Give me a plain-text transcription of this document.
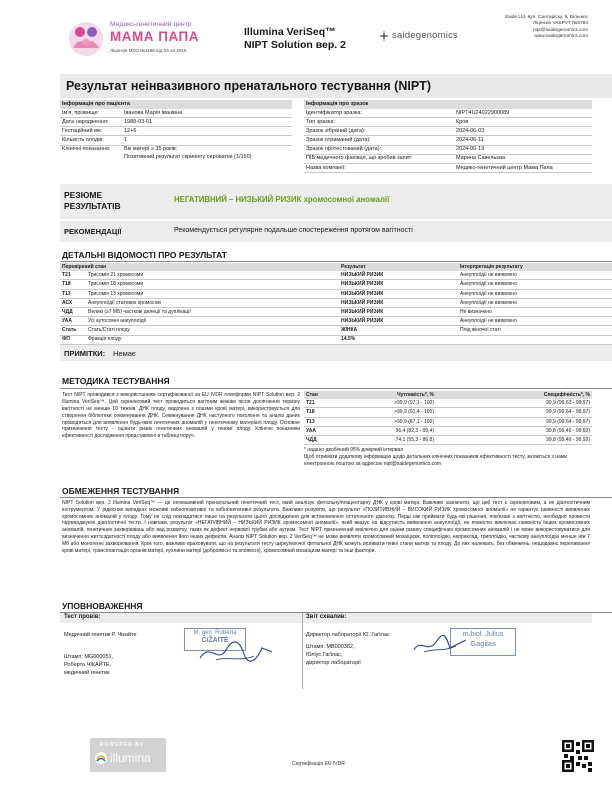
Медико-генетичний центр
МАМА ПАПА
Ліцензія МОЗ №1168 від 03.10.2016
Illumina VeriSeq™
NIPT Solution вер. 2
saidegenomics
Saide Ltd, вул. Сантаріску, 5, Вільнюс
Ліцензія VASPVT №5794
nipt@saidegenomics.com
www.saidegenomics.com
Результат неінвазивного пренатального тестування (NIPT)
Інформація про пацієнта
Ім'я, прізвище:	Іванова Марія Іванівна
Дата народження:	1988-03-01
Гестаційний вік:	12+6
Кількість плодів:	1
Клінічні показання:	Вік матері ≥ 35 років;
	Позитивний результат скринінгу сироватки (1/150)
Інформація про зразок
Ідентифікатор зразка:	NIPT4U24022900089
Тип зразка:	Кров
Зразок зібраний (дата):	2024-06-03
Зразок отриманий (дата):	2024-06-11
Зразок протестований (дата):	2024-06-19
ПІБ медичного фахівця, що зробив запит:	Марина Савельєва
Назва компанії:	Медико-генетичний центр Мама Папа
РЕЗЮМЕ
РЕЗУЛЬТАТІВ
НЕГАТИВНИЙ – НИЗЬКИЙ РИЗИК хромосомної аномалії
РЕКОМЕНДАЦІЇ	Рекомендується регулярне подальше спостереження протягом вагітності
ДЕТАЛЬНІ ВІДОМОСТІ ПРО РЕЗУЛЬТАТ
Перевірений стан		Результат	Інтерпретація результату
T21	Трисомія 21 хромосоми	НИЗЬКИЙ РИЗИК	Анеуплоїдії не виявлено
T18	Трисомія 18 хромосоми	НИЗЬКИЙ РИЗИК	Анеуплоїдії не виявлено
T13	Трисомія 13 хромосоми	НИЗЬКИЙ РИЗИК	Анеуплоїдії не виявлено
АСХ	Анеуплоїдії статевих хромосом	НИЗЬКИЙ РИЗИК	Анеуплоїдії не виявлено
ЧДД	Великі (≥7 МБ) часткові делеції та дуплікації	НИЗЬКИЙ РИЗИК	Не визначено
УАА	Усі аутосомні анеуплоїдії	НИЗЬКИЙ РИЗИК	Анеуплоїдії не виявлено
Стать	Стать/Статі плоду	ЖІНКА	Плід жіночої статі
ФП	Фракція плоду	14.5%	
ПРИМІТКИ: Немає
МЕТОДИКА ТЕСТУВАННЯ
Тест NIPT проводився з використанням сертифікованої за EU IVDR платформи NIPT Solution вер. 2 Illumina VeriSeq™. Цей скринінговий тест проводиться вагітним жінкам після досягнення терміну вагітності не менше 10 тижнів. ДНК плоду, виділена з плазми крові матері, використовується для створення бібліотеки секвенування ДНК. Секвенування ДНК наступного покоління та аналіз даних проводяться для виявлення будь-яких генетичних аномалій у генетичному матеріалі плоду. Основне призначення тесту - оцінити ризик генетичних аномалій у геномі плоду. Клінічні показники ефективності дослідження представлені в таблиці поруч.
Стан	Чутливість*, %	Специфічність*, %
T21	>99,9 (97,1 - 100)	99,9 (99,63 - 99,97)
T18	>99,9 (91,4 - 100)	99,9 (99,64 - 99,97)
T13	>99,9 (87,1 - 100)	99,9 (99,64 - 99,97)
УАА	96,4 (82,3 - 99,4)	99,8 (99,49 - 99,92)
ЧДД	74,1 (55,3 - 86,8)	99,8 (99,49 - 99,92)
* надано двобічний 95% довірчий інтервал
Щоб отримати додаткову інформацію щодо детальних клінічних показників ефективності тесту, зв'яжіться з нами електронною поштою за адресою nipt@saidegenomics.com
ОБМЕЖЕННЯ ТЕСТУВАННЯ
NIPT Solution вер. 2 Illumina VeriSeq™ — це неінвазивний пренатальний генетичний тест, який аналізує фетальну/плацентарну ДНК у крові матері. Важливо зазначити, що цей тест є скринінговим, а не діагностичним інструментом. У рідкісних випадках можливі хибнопозитивні та хибнонегативні результати. Важливо розуміти, що результат «ПОЗИТИВНИЙ – ВИСОКИЙ РИЗИК хромосомної аномалії» не гарантує наявності виявлених хромосомних аномалій у плоду. Тому не слід покладатися лише на результати цього дослідження для встановлення остаточного діагнозу. Перш ніж приймати будь-які рішення, пов'язані з вагітністю, необхідно провести підтверджуючі діагностичні тести. І навпаки, результат «НЕГАТИВНИЙ – НИЗЬКИЙ РИЗИК хромосомної аномалії», який вказує на відсутність виявлення анеуплоїдії, не повністю виключає наявність інших хромосомних аномалій, генетичних захворювань або вад розвитку, таких як дефект нервової трубки або аутизм. Тест NIPT призначений виключно для оцінки ризику специфічних хромосомних аномалій і не може використовуватися для визначення життєздатності плоду або виявлення його інших дефектів. Аналіз NIPT Solution вер. 2 VeriSeq™ не може виявляти хромосомний мозаїцизм, поліплоїдію, наприклад, триплоїдію, часткову анеуплоїдію менше ніж 7 Мб або моногенні захворювання. Крім того, важливо враховувати, що на результати тесту циркулюючої фетальної ДНК можуть впливати певні стани матері та плоду. До них належать, без обмежень, нещодавнє переливання крові матері, трансплантація органів матері, пухлини матері (доброякісні та злоякісні), хромосомний мозаїцизм матері та інші фактори.
УПОВНОВАЖЕННЯ
Тест провів:	Звіт схвалив:
Медичний генетик Р. Чікайте
Штамп: MG000051,
Роберта ЧІКАЙТЕ,
медичний генетик
M. gen. Roberta
ČIŽAITĖ
Директор лабораторії Ю. Гаґілас
Штамп: MB000382,
Юліус Гаґілас,
директор лабораторії
m.biol. Julius
Gagilas
POWERED BY
illumina	Сертифікація EU IVDR
